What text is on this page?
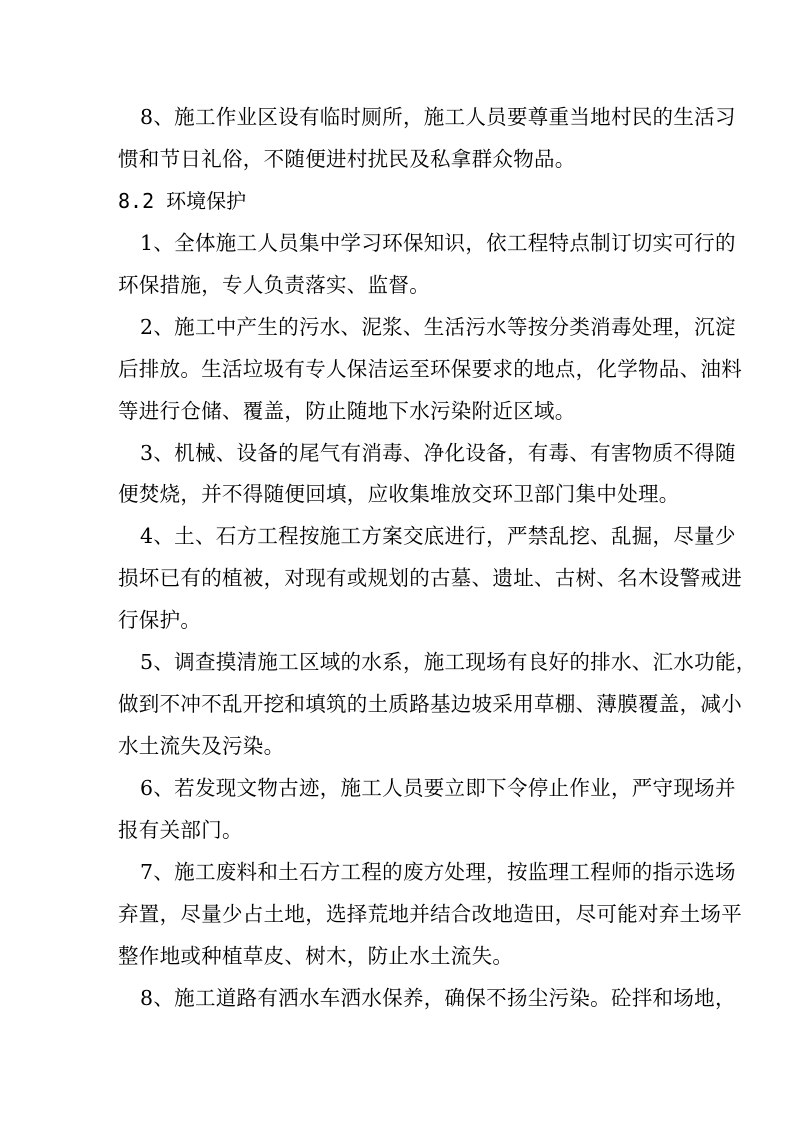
8、施工作业区设有临时厕所，施工人员要尊重当地村民的生活习
惯和节日礼俗，不随便进村扰民及私拿群众物品。
8.2 环境保护
1、全体施工人员集中学习环保知识，依工程特点制订切实可行的
环保措施，专人负责落实、监督。
2、施工中产生的污水、泥浆、生活污水等按分类消毒处理，沉淀
后排放。生活垃圾有专人保洁运至环保要求的地点，化学物品、油料
等进行仓储、覆盖，防止随地下水污染附近区域。
3、机械、设备的尾气有消毒、净化设备，有毒、有害物质不得随
便焚烧，并不得随便回填，应收集堆放交环卫部门集中处理。
4、土、石方工程按施工方案交底进行，严禁乱挖、乱掘，尽量少
损坏已有的植被，对现有或规划的古墓、遗址、古树、名木设警戒进
行保护。
5、调查摸清施工区域的水系，施工现场有良好的排水、汇水功能，
做到不冲不乱开挖和填筑的土质路基边坡采用草棚、薄膜覆盖，减小
水土流失及污染。
6、若发现文物古迹，施工人员要立即下令停止作业，严守现场并
报有关部门。
7、施工废料和土石方工程的废方处理，按监理工程师的指示选场
弃置，尽量少占土地，选择荒地并结合改地造田，尽可能对弃土场平
整作地或种植草皮、树木，防止水土流失。
8、施工道路有洒水车洒水保养，确保不扬尘污染。砼拌和场地，
